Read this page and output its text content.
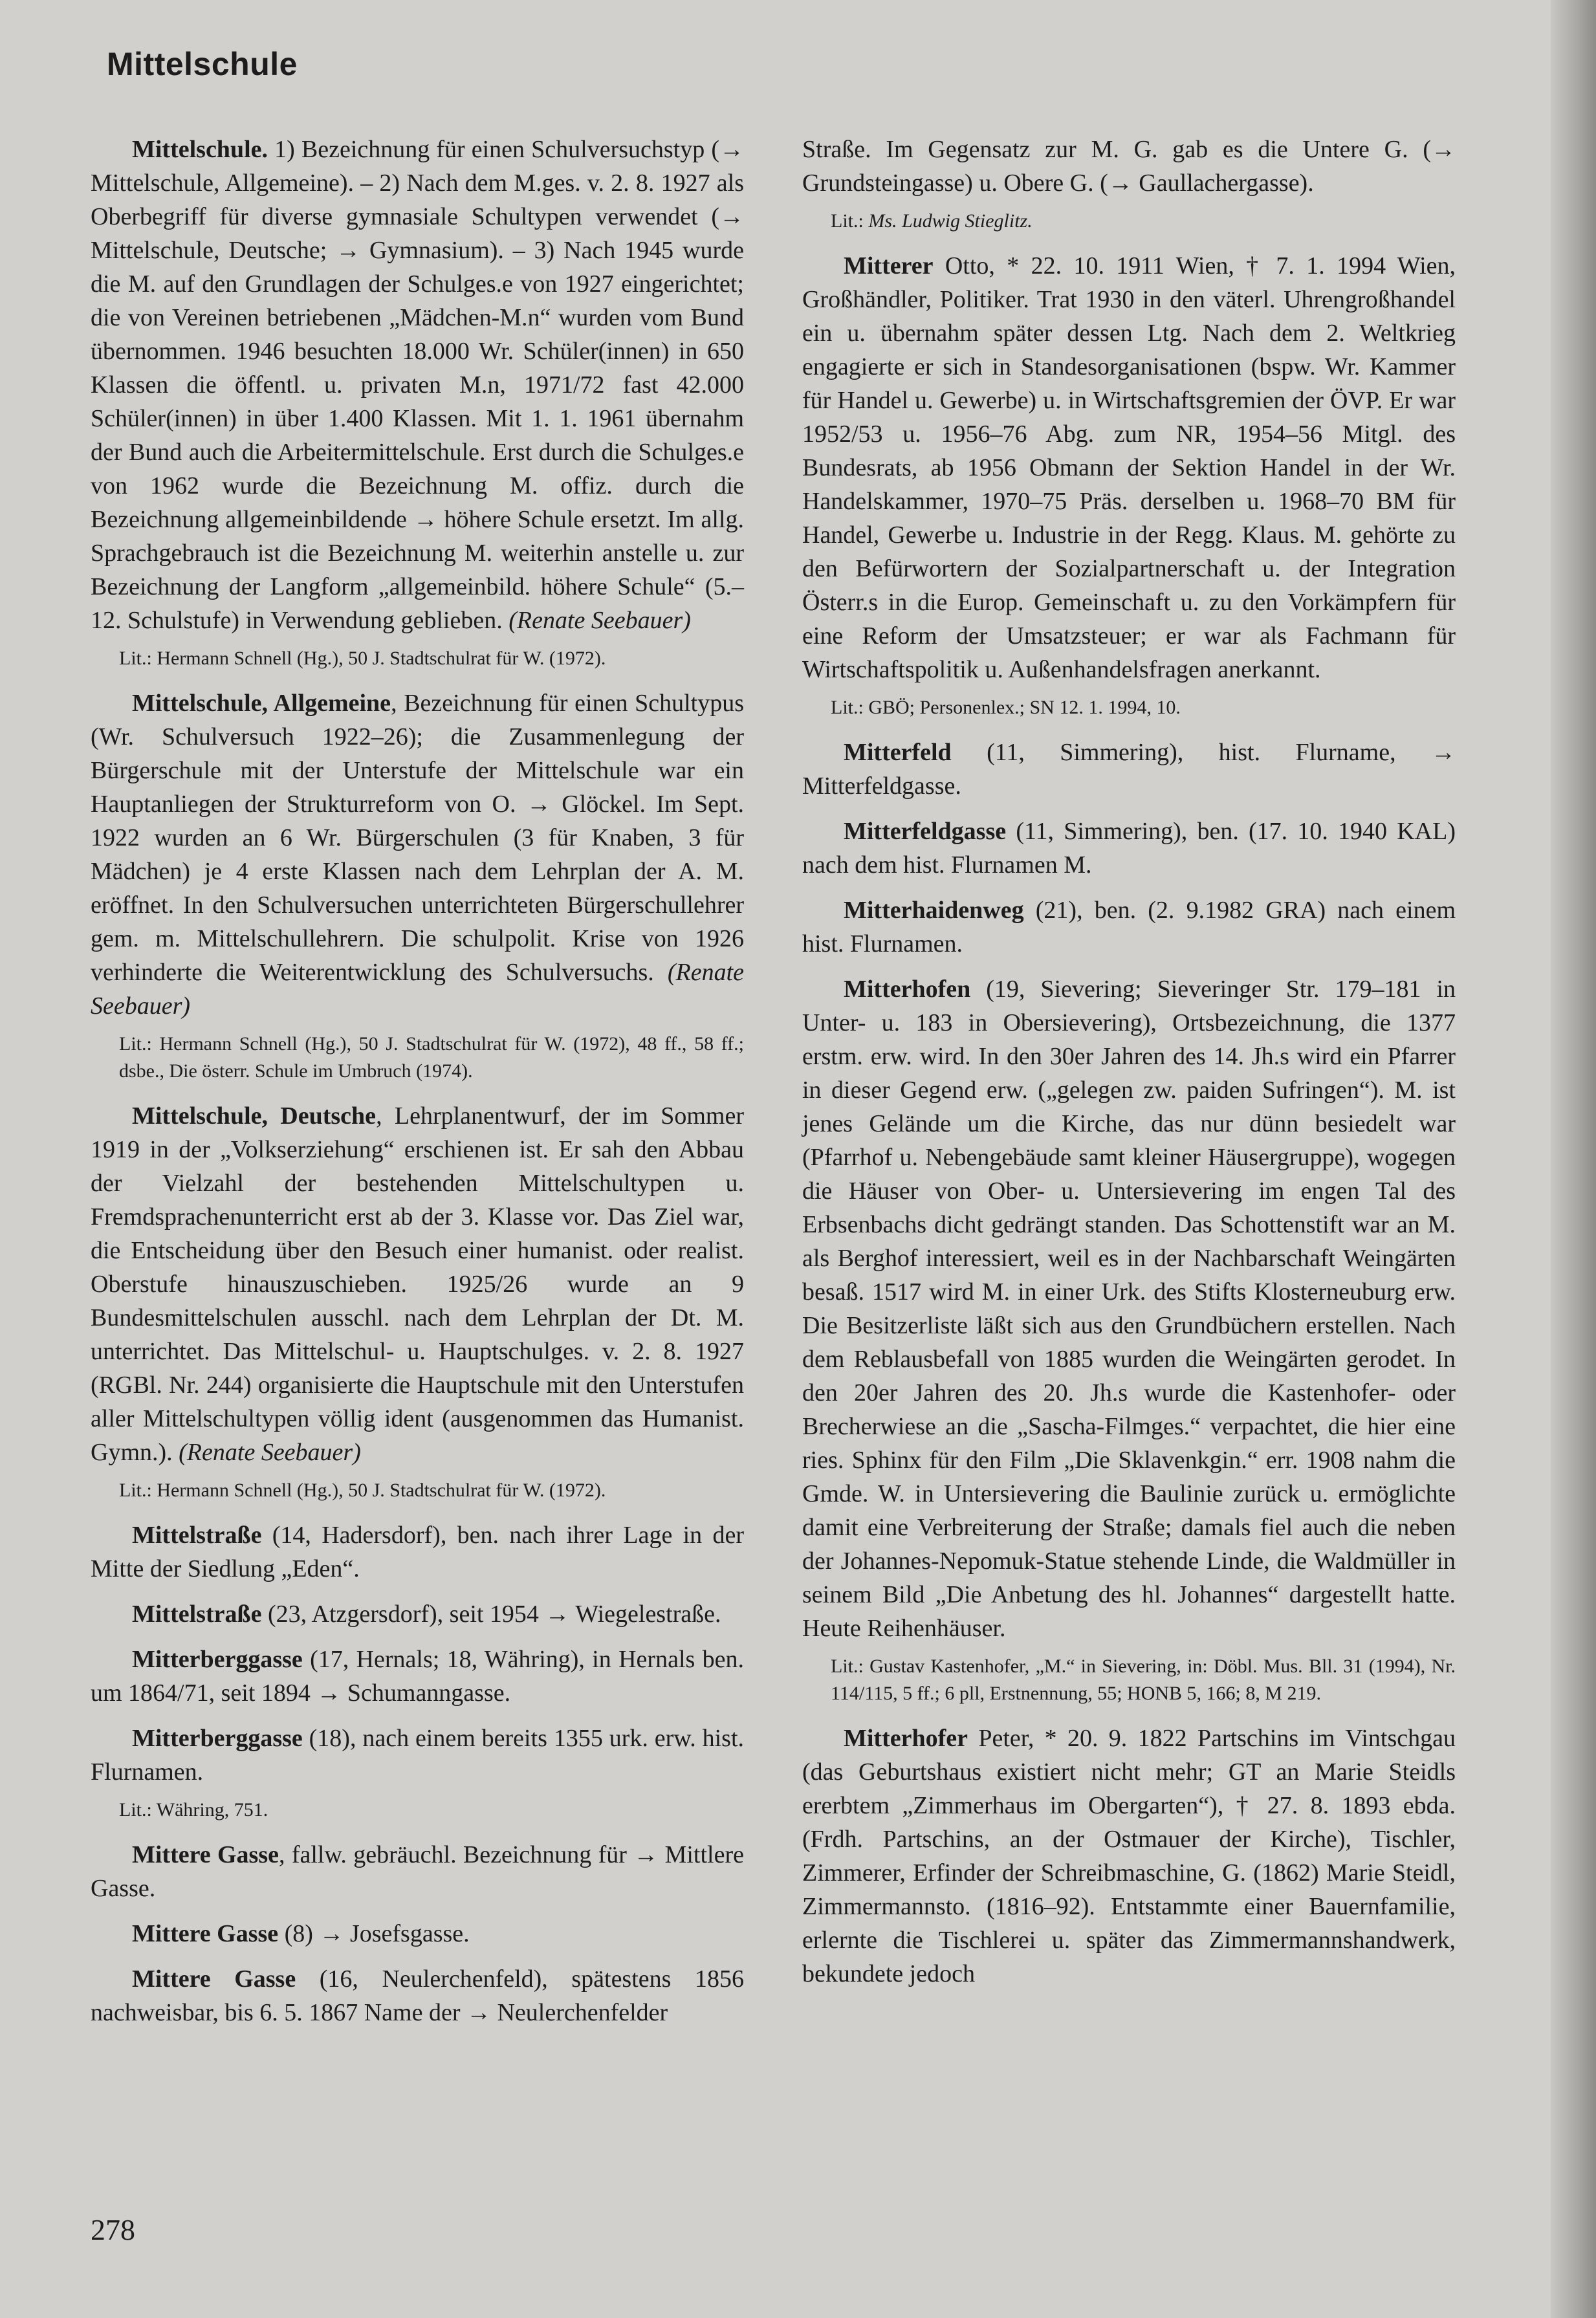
Mittelschule

Mittelschule. 1) Bezeichnung für einen Schulversuchstyp (→ Mittelschule, Allgemeine). – 2) Nach dem M.ges. v. 2. 8. 1927 als Oberbegriff für diverse gymnasiale Schultypen verwendet (→ Mittelschule, Deutsche; → Gymnasium). – 3) Nach 1945 wurde die M. auf den Grundlagen der Schulges.e von 1927 eingerichtet; die von Vereinen betriebenen „Mädchen-M.n“ wurden vom Bund übernommen. 1946 besuchten 18.000 Wr. Schüler(innen) in 650 Klassen die öffentl. u. privaten M.n, 1971/72 fast 42.000 Schüler(innen) in über 1.400 Klassen. Mit 1. 1. 1961 übernahm der Bund auch die Arbeitermittelschule. Erst durch die Schulges.e von 1962 wurde die Bezeichnung M. offiz. durch die Bezeichnung allgemeinbildende → höhere Schule ersetzt. Im allg. Sprachgebrauch ist die Bezeichnung M. weiterhin anstelle u. zur Bezeichnung der Langform „allgemeinbild. höhere Schule“ (5.–12. Schulstufe) in Verwendung geblieben. (Renate Seebauer)

Lit.: Hermann Schnell (Hg.), 50 J. Stadtschulrat für W. (1972).

Mittelschule, Allgemeine, Bezeichnung für einen Schultypus (Wr. Schulversuch 1922–26); die Zusammenlegung der Bürgerschule mit der Unterstufe der Mittelschule war ein Hauptanliegen der Strukturreform von O. → Glöckel. Im Sept. 1922 wurden an 6 Wr. Bürgerschulen (3 für Knaben, 3 für Mädchen) je 4 erste Klassen nach dem Lehrplan der A. M. eröffnet. In den Schulversuchen unterrichteten Bürgerschullehrer gem. m. Mittelschullehrern. Die schulpolit. Krise von 1926 verhinderte die Weiterentwicklung des Schulversuchs. (Renate Seebauer)

Lit.: Hermann Schnell (Hg.), 50 J. Stadtschulrat für W. (1972), 48 ff., 58 ff.; dsbe., Die österr. Schule im Umbruch (1974).

Mittelschule, Deutsche, Lehrplanentwurf, der im Sommer 1919 in der „Volkserziehung“ erschienen ist. Er sah den Abbau der Vielzahl der bestehenden Mittelschultypen u. Fremdsprachenunterricht erst ab der 3. Klasse vor. Das Ziel war, die Entscheidung über den Besuch einer humanist. oder realist. Oberstufe hinauszuschieben. 1925/26 wurde an 9 Bundesmittelschulen ausschl. nach dem Lehrplan der Dt. M. unterrichtet. Das Mittelschul- u. Hauptschulges. v. 2. 8. 1927 (RGBl. Nr. 244) organisierte die Hauptschule mit den Unterstufen aller Mittelschultypen völlig ident (ausgenommen das Humanist. Gymn.). (Renate Seebauer)

Lit.: Hermann Schnell (Hg.), 50 J. Stadtschulrat für W. (1972).

Mittelstraße (14, Hadersdorf), ben. nach ihrer Lage in der Mitte der Siedlung „Eden“.

Mittelstraße (23, Atzgersdorf), seit 1954 → Wiegelestraße.

Mitterberggasse (17, Hernals; 18, Währing), in Hernals ben. um 1864/71, seit 1894 → Schumanngasse.

Mitterberggasse (18), nach einem bereits 1355 urk. erw. hist. Flurnamen.

Lit.: Währing, 751.

Mittere Gasse, fallw. gebräuchl. Bezeichnung für → Mittlere Gasse.

Mittere Gasse (8) → Josefsgasse.

Mittere Gasse (16, Neulerchenfeld), spätestens 1856 nachweisbar, bis 6. 5. 1867 Name der → Neulerchenfelder

Straße. Im Gegensatz zur M. G. gab es die Untere G. (→ Grundsteingasse) u. Obere G. (→ Gaullachergasse).

Lit.: Ms. Ludwig Stieglitz.

Mitterer Otto, * 22. 10. 1911 Wien, † 7. 1. 1994 Wien, Großhändler, Politiker. Trat 1930 in den väterl. Uhrengroßhandel ein u. übernahm später dessen Ltg. Nach dem 2. Weltkrieg engagierte er sich in Standesorganisationen (bspw. Wr. Kammer für Handel u. Gewerbe) u. in Wirtschaftsgremien der ÖVP. Er war 1952/53 u. 1956–76 Abg. zum NR, 1954–56 Mitgl. des Bundesrats, ab 1956 Obmann der Sektion Handel in der Wr. Handelskammer, 1970–75 Präs. derselben u. 1968–70 BM für Handel, Gewerbe u. Industrie in der Regg. Klaus. M. gehörte zu den Befürwortern der Sozialpartnerschaft u. der Integration Österr.s in die Europ. Gemeinschaft u. zu den Vorkämpfern für eine Reform der Umsatzsteuer; er war als Fachmann für Wirtschaftspolitik u. Außenhandelsfragen anerkannt.

Lit.: GBÖ; Personenlex.; SN 12. 1. 1994, 10.

Mitterfeld (11, Simmering), hist. Flurname, → Mitterfeldgasse.

Mitterfeldgasse (11, Simmering), ben. (17. 10. 1940 KAL) nach dem hist. Flurnamen M.

Mitterhaidenweg (21), ben. (2. 9.1982 GRA) nach einem hist. Flurnamen.

Mitterhofen (19, Sievering; Sieveringer Str. 179–181 in Unter- u. 183 in Obersievering), Ortsbezeichnung, die 1377 erstm. erw. wird. In den 30er Jahren des 14. Jh.s wird ein Pfarrer in dieser Gegend erw. („gelegen zw. paiden Sufringen“). M. ist jenes Gelände um die Kirche, das nur dünn besiedelt war (Pfarrhof u. Nebengebäude samt kleiner Häusergruppe), wogegen die Häuser von Ober- u. Untersievering im engen Tal des Erbsenbachs dicht gedrängt standen. Das Schottenstift war an M. als Berghof interessiert, weil es in der Nachbarschaft Weingärten besaß. 1517 wird M. in einer Urk. des Stifts Klosterneuburg erw. Die Besitzerliste läßt sich aus den Grundbüchern erstellen. Nach dem Reblausbefall von 1885 wurden die Weingärten gerodet. In den 20er Jahren des 20. Jh.s wurde die Kastenhofer- oder Brecherwiese an die „Sascha-Filmges.“ verpachtet, die hier eine ries. Sphinx für den Film „Die Sklavenkgin.“ err. 1908 nahm die Gmde. W. in Untersievering die Baulinie zurück u. ermöglichte damit eine Verbreiterung der Straße; damals fiel auch die neben der Johannes-Nepomuk-Statue stehende Linde, die Waldmüller in seinem Bild „Die Anbetung des hl. Johannes“ dargestellt hatte. Heute Reihenhäuser.

Lit.: Gustav Kastenhofer, „M.“ in Sievering, in: Döbl. Mus. Bll. 31 (1994), Nr. 114/115, 5 ff.; 6 pll, Erstnennung, 55; HONB 5, 166; 8, M 219.

Mitterhofer Peter, * 20. 9. 1822 Partschins im Vintschgau (das Geburtshaus existiert nicht mehr; GT an Marie Steidls ererbtem „Zimmerhaus im Obergarten“), † 27. 8. 1893 ebda. (Frdh. Partschins, an der Ostmauer der Kirche), Tischler, Zimmerer, Erfinder der Schreibmaschine, G. (1862) Marie Steidl, Zimmermannsto. (1816–92). Entstammte einer Bauernfamilie, erlernte die Tischlerei u. später das Zimmermannshandwerk, bekundete jedoch

278
